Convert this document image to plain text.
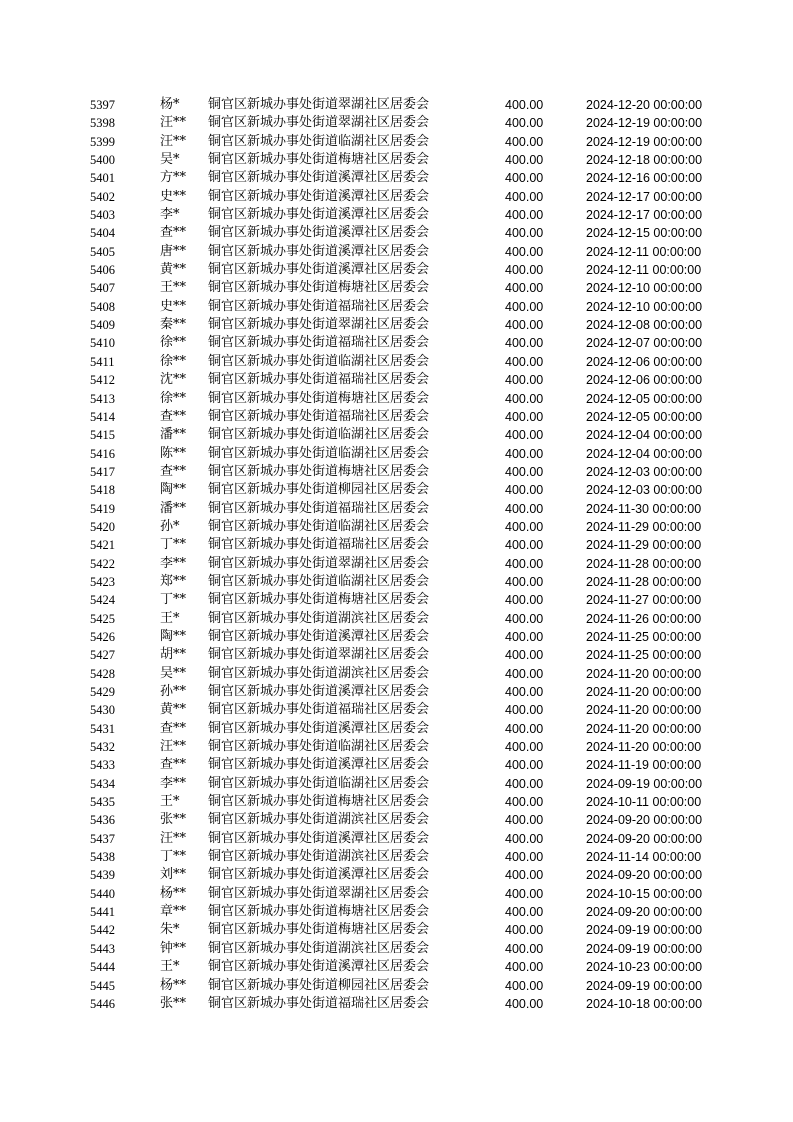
5397	杨* 铜官区新城办事处街道翠湖社区居委会	400.00	2024-12-20 00:00:00
5398	汪** 铜官区新城办事处街道翠湖社区居委会	400.00	2024-12-19 00:00:00
5399	汪** 铜官区新城办事处街道临湖社区居委会	400.00	2024-12-19 00:00:00
5400	吴* 铜官区新城办事处街道梅塘社区居委会	400.00	2024-12-18 00:00:00
5401	方** 铜官区新城办事处街道溪潭社区居委会	400.00	2024-12-16 00:00:00
5402	史** 铜官区新城办事处街道溪潭社区居委会	400.00	2024-12-17 00:00:00
5403	李* 铜官区新城办事处街道溪潭社区居委会	400.00	2024-12-17 00:00:00
5404	查** 铜官区新城办事处街道溪潭社区居委会	400.00	2024-12-15 00:00:00
5405	唐** 铜官区新城办事处街道溪潭社区居委会	400.00	2024-12-11 00:00:00
5406	黄** 铜官区新城办事处街道溪潭社区居委会	400.00	2024-12-11 00:00:00
5407	王** 铜官区新城办事处街道梅塘社区居委会	400.00	2024-12-10 00:00:00
5408	史** 铜官区新城办事处街道福瑞社区居委会	400.00	2024-12-10 00:00:00
5409	秦** 铜官区新城办事处街道翠湖社区居委会	400.00	2024-12-08 00:00:00
5410	徐** 铜官区新城办事处街道福瑞社区居委会	400.00	2024-12-07 00:00:00
5411	徐** 铜官区新城办事处街道临湖社区居委会	400.00	2024-12-06 00:00:00
5412	沈** 铜官区新城办事处街道福瑞社区居委会	400.00	2024-12-06 00:00:00
5413	徐** 铜官区新城办事处街道梅塘社区居委会	400.00	2024-12-05 00:00:00
5414	查** 铜官区新城办事处街道福瑞社区居委会	400.00	2024-12-05 00:00:00
5415	潘** 铜官区新城办事处街道临湖社区居委会	400.00	2024-12-04 00:00:00
5416	陈** 铜官区新城办事处街道临湖社区居委会	400.00	2024-12-04 00:00:00
5417	查** 铜官区新城办事处街道梅塘社区居委会	400.00	2024-12-03 00:00:00
5418	陶** 铜官区新城办事处街道柳园社区居委会	400.00	2024-12-03 00:00:00
5419	潘** 铜官区新城办事处街道福瑞社区居委会	400.00	2024-11-30 00:00:00
5420	孙* 铜官区新城办事处街道临湖社区居委会	400.00	2024-11-29 00:00:00
5421	丁** 铜官区新城办事处街道福瑞社区居委会	400.00	2024-11-29 00:00:00
5422	李** 铜官区新城办事处街道翠湖社区居委会	400.00	2024-11-28 00:00:00
5423	郑** 铜官区新城办事处街道临湖社区居委会	400.00	2024-11-28 00:00:00
5424	丁** 铜官区新城办事处街道梅塘社区居委会	400.00	2024-11-27 00:00:00
5425	王* 铜官区新城办事处街道湖滨社区居委会	400.00	2024-11-26 00:00:00
5426	陶** 铜官区新城办事处街道溪潭社区居委会	400.00	2024-11-25 00:00:00
5427	胡** 铜官区新城办事处街道翠湖社区居委会	400.00	2024-11-25 00:00:00
5428	吴** 铜官区新城办事处街道湖滨社区居委会	400.00	2024-11-20 00:00:00
5429	孙** 铜官区新城办事处街道溪潭社区居委会	400.00	2024-11-20 00:00:00
5430	黄** 铜官区新城办事处街道福瑞社区居委会	400.00	2024-11-20 00:00:00
5431	查** 铜官区新城办事处街道溪潭社区居委会	400.00	2024-11-20 00:00:00
5432	汪** 铜官区新城办事处街道临湖社区居委会	400.00	2024-11-20 00:00:00
5433	查** 铜官区新城办事处街道溪潭社区居委会	400.00	2024-11-19 00:00:00
5434	李** 铜官区新城办事处街道临湖社区居委会	400.00	2024-09-19 00:00:00
5435	王* 铜官区新城办事处街道梅塘社区居委会	400.00	2024-10-11 00:00:00
5436	张** 铜官区新城办事处街道湖滨社区居委会	400.00	2024-09-20 00:00:00
5437	汪** 铜官区新城办事处街道溪潭社区居委会	400.00	2024-09-20 00:00:00
5438	丁** 铜官区新城办事处街道湖滨社区居委会	400.00	2024-11-14 00:00:00
5439	刘** 铜官区新城办事处街道溪潭社区居委会	400.00	2024-09-20 00:00:00
5440	杨** 铜官区新城办事处街道翠湖社区居委会	400.00	2024-10-15 00:00:00
5441	章** 铜官区新城办事处街道梅塘社区居委会	400.00	2024-09-20 00:00:00
5442	朱* 铜官区新城办事处街道梅塘社区居委会	400.00	2024-09-19 00:00:00
5443	钟** 铜官区新城办事处街道湖滨社区居委会	400.00	2024-09-19 00:00:00
5444	王* 铜官区新城办事处街道溪潭社区居委会	400.00	2024-10-23 00:00:00
5445	杨** 铜官区新城办事处街道柳园社区居委会	400.00	2024-09-19 00:00:00
5446	张** 铜官区新城办事处街道福瑞社区居委会	400.00	2024-10-18 00:00:00
